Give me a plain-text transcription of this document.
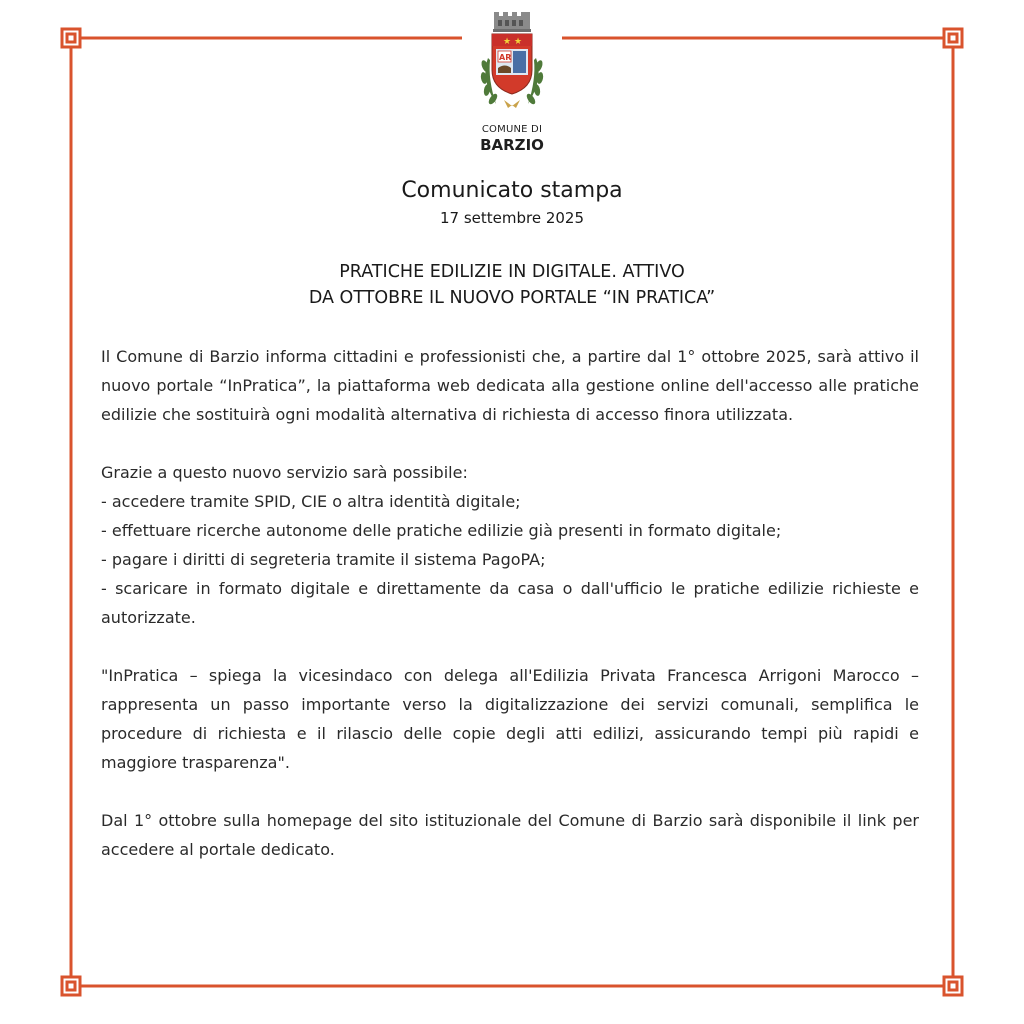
★ ★
AR
COMUNE DI
BARZIO
Comunicato stampa
17 settembre 2025
PRATICHE EDILIZIE IN DIGITALE. ATTIVO
DA OTTOBRE IL NUOVO PORTALE “IN PRATICA”

Il Comune di Barzio informa cittadini e professionisti che, a partire dal 1° ottobre 2025, sarà attivo il nuovo portale “InPratica”, la piattaforma web dedicata alla gestione online dell'accesso alle pratiche edilizie che sostituirà ogni modalità alternativa di richiesta di accesso finora utilizzata.

Grazie a questo nuovo servizio sarà possibile:
- accedere tramite SPID, CIE o altra identità digitale;
- effettuare ricerche autonome delle pratiche edilizie già presenti in formato digitale;
- pagare i diritti di segreteria tramite il sistema PagoPA;
- scaricare in formato digitale e direttamente da casa o dall'ufficio le pratiche edilizie richieste e autorizzate.

"InPratica – spiega la vicesindaco con delega all'Edilizia Privata Francesca Arrigoni Marocco – rappresenta un passo importante verso la digitalizzazione dei servizi comunali, semplifica le procedure di richiesta e il rilascio delle copie degli atti edilizi, assicurando tempi più rapidi e maggiore trasparenza".

Dal 1° ottobre sulla homepage del sito istituzionale del Comune di Barzio sarà disponibile il link per accedere al portale dedicato.
